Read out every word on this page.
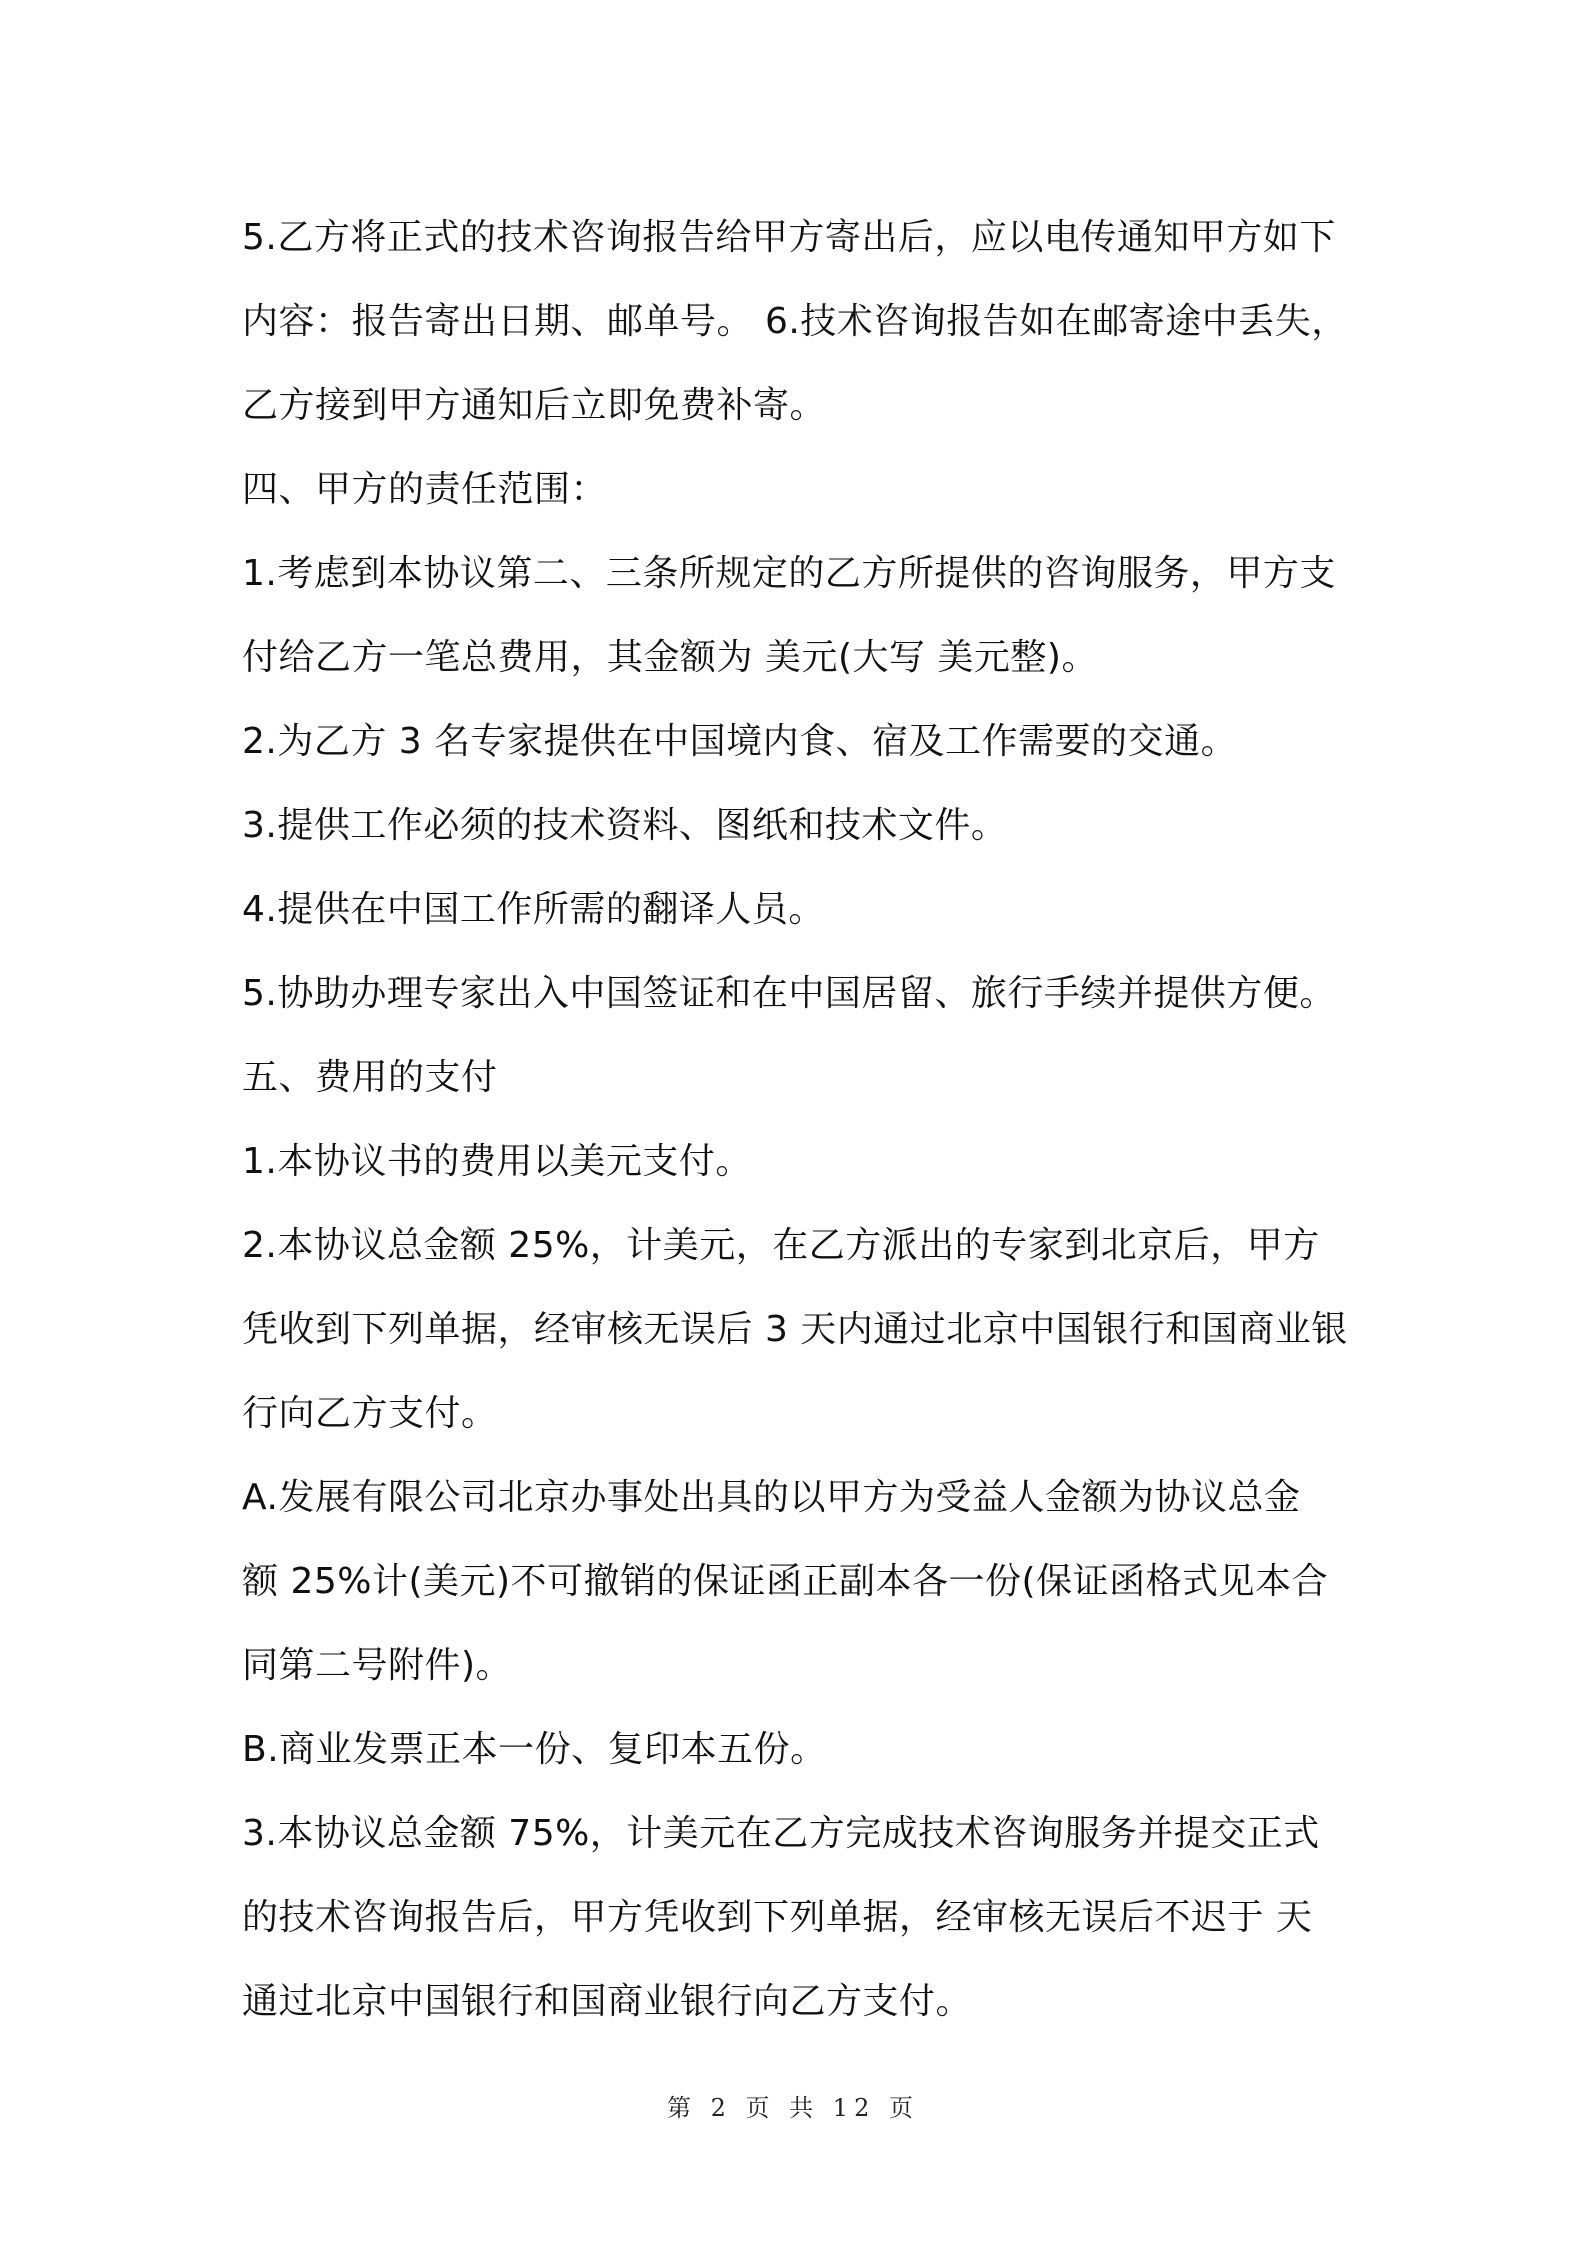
5.乙方将正式的技术咨询报告给甲方寄出后，应以电传通知甲方如下
内容：报告寄出日期、邮单号。 6.技术咨询报告如在邮寄途中丢失，
乙方接到甲方通知后立即免费补寄。
四、甲方的责任范围：
1.考虑到本协议第二、三条所规定的乙方所提供的咨询服务，甲方支
付给乙方一笔总费用，其金额为 美元(大写 美元整)。
2.为乙方 3 名专家提供在中国境内食、宿及工作需要的交通。
3.提供工作必须的技术资料、图纸和技术文件。
4.提供在中国工作所需的翻译人员。
5.协助办理专家出入中国签证和在中国居留、旅行手续并提供方便。
五、费用的支付
1.本协议书的费用以美元支付。
2.本协议总金额 25%，计美元，在乙方派出的专家到北京后，甲方
凭收到下列单据，经审核无误后 3 天内通过北京中国银行和国商业银
行向乙方支付。
A.发展有限公司北京办事处出具的以甲方为受益人金额为协议总金
额 25%计(美元)不可撤销的保证函正副本各一份(保证函格式见本合
同第二号附件)。
B.商业发票正本一份、复印本五份。
3.本协议总金额 75%，计美元在乙方完成技术咨询服务并提交正式
的技术咨询报告后，甲方凭收到下列单据，经审核无误后不迟于 天
通过北京中国银行和国商业银行向乙方支付。
第 2 页 共 12 页
